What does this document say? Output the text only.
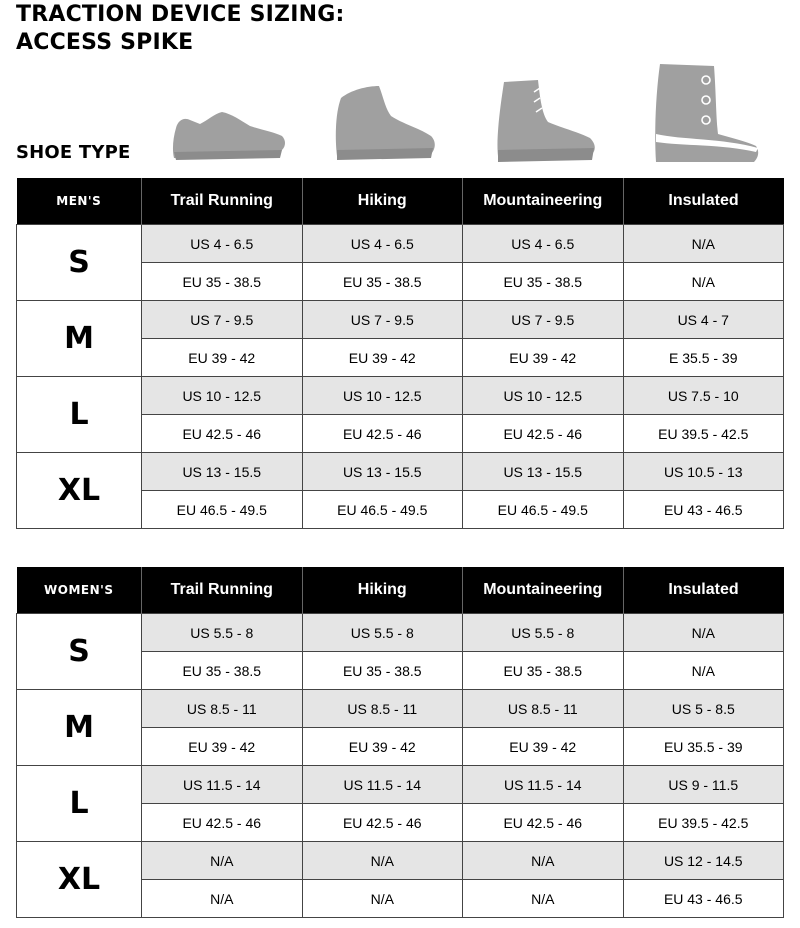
TRACTION DEVICE SIZING:
ACCESS SPIKE
SHOE TYPE
MEN'S	Trail Running	Hiking	Mountaineering	Insulated
S	US 4 - 6.5	US 4 - 6.5	US 4 - 6.5	N/A
	EU 35 - 38.5	EU 35 - 38.5	EU 35 - 38.5	N/A
M	US 7 - 9.5	US 7 - 9.5	US 7 - 9.5	US 4 - 7
	EU 39 - 42	EU 39 - 42	EU 39 - 42	E 35.5 - 39
L	US 10 - 12.5	US 10 - 12.5	US 10 - 12.5	US 7.5 - 10
	EU 42.5 - 46	EU 42.5 - 46	EU 42.5 - 46	EU 39.5 - 42.5
XL	US 13 - 15.5	US 13 - 15.5	US 13 - 15.5	US 10.5 - 13
	EU 46.5 - 49.5	EU 46.5 - 49.5	EU 46.5 - 49.5	EU 43 - 46.5
WOMEN'S	Trail Running	Hiking	Mountaineering	Insulated
S	US 5.5 - 8	US 5.5 - 8	US 5.5 - 8	N/A
	EU 35 - 38.5	EU 35 - 38.5	EU 35 - 38.5	N/A
M	US 8.5 - 11	US 8.5 - 11	US 8.5 - 11	US 5 - 8.5
	EU 39 - 42	EU 39 - 42	EU 39 - 42	EU 35.5 - 39
L	US 11.5 - 14	US 11.5 - 14	US 11.5 - 14	US 9 - 11.5
	EU 42.5 - 46	EU 42.5 - 46	EU 42.5 - 46	EU 39.5 - 42.5
XL	N/A	N/A	N/A	US 12 - 14.5
	N/A	N/A	N/A	EU 43 - 46.5
